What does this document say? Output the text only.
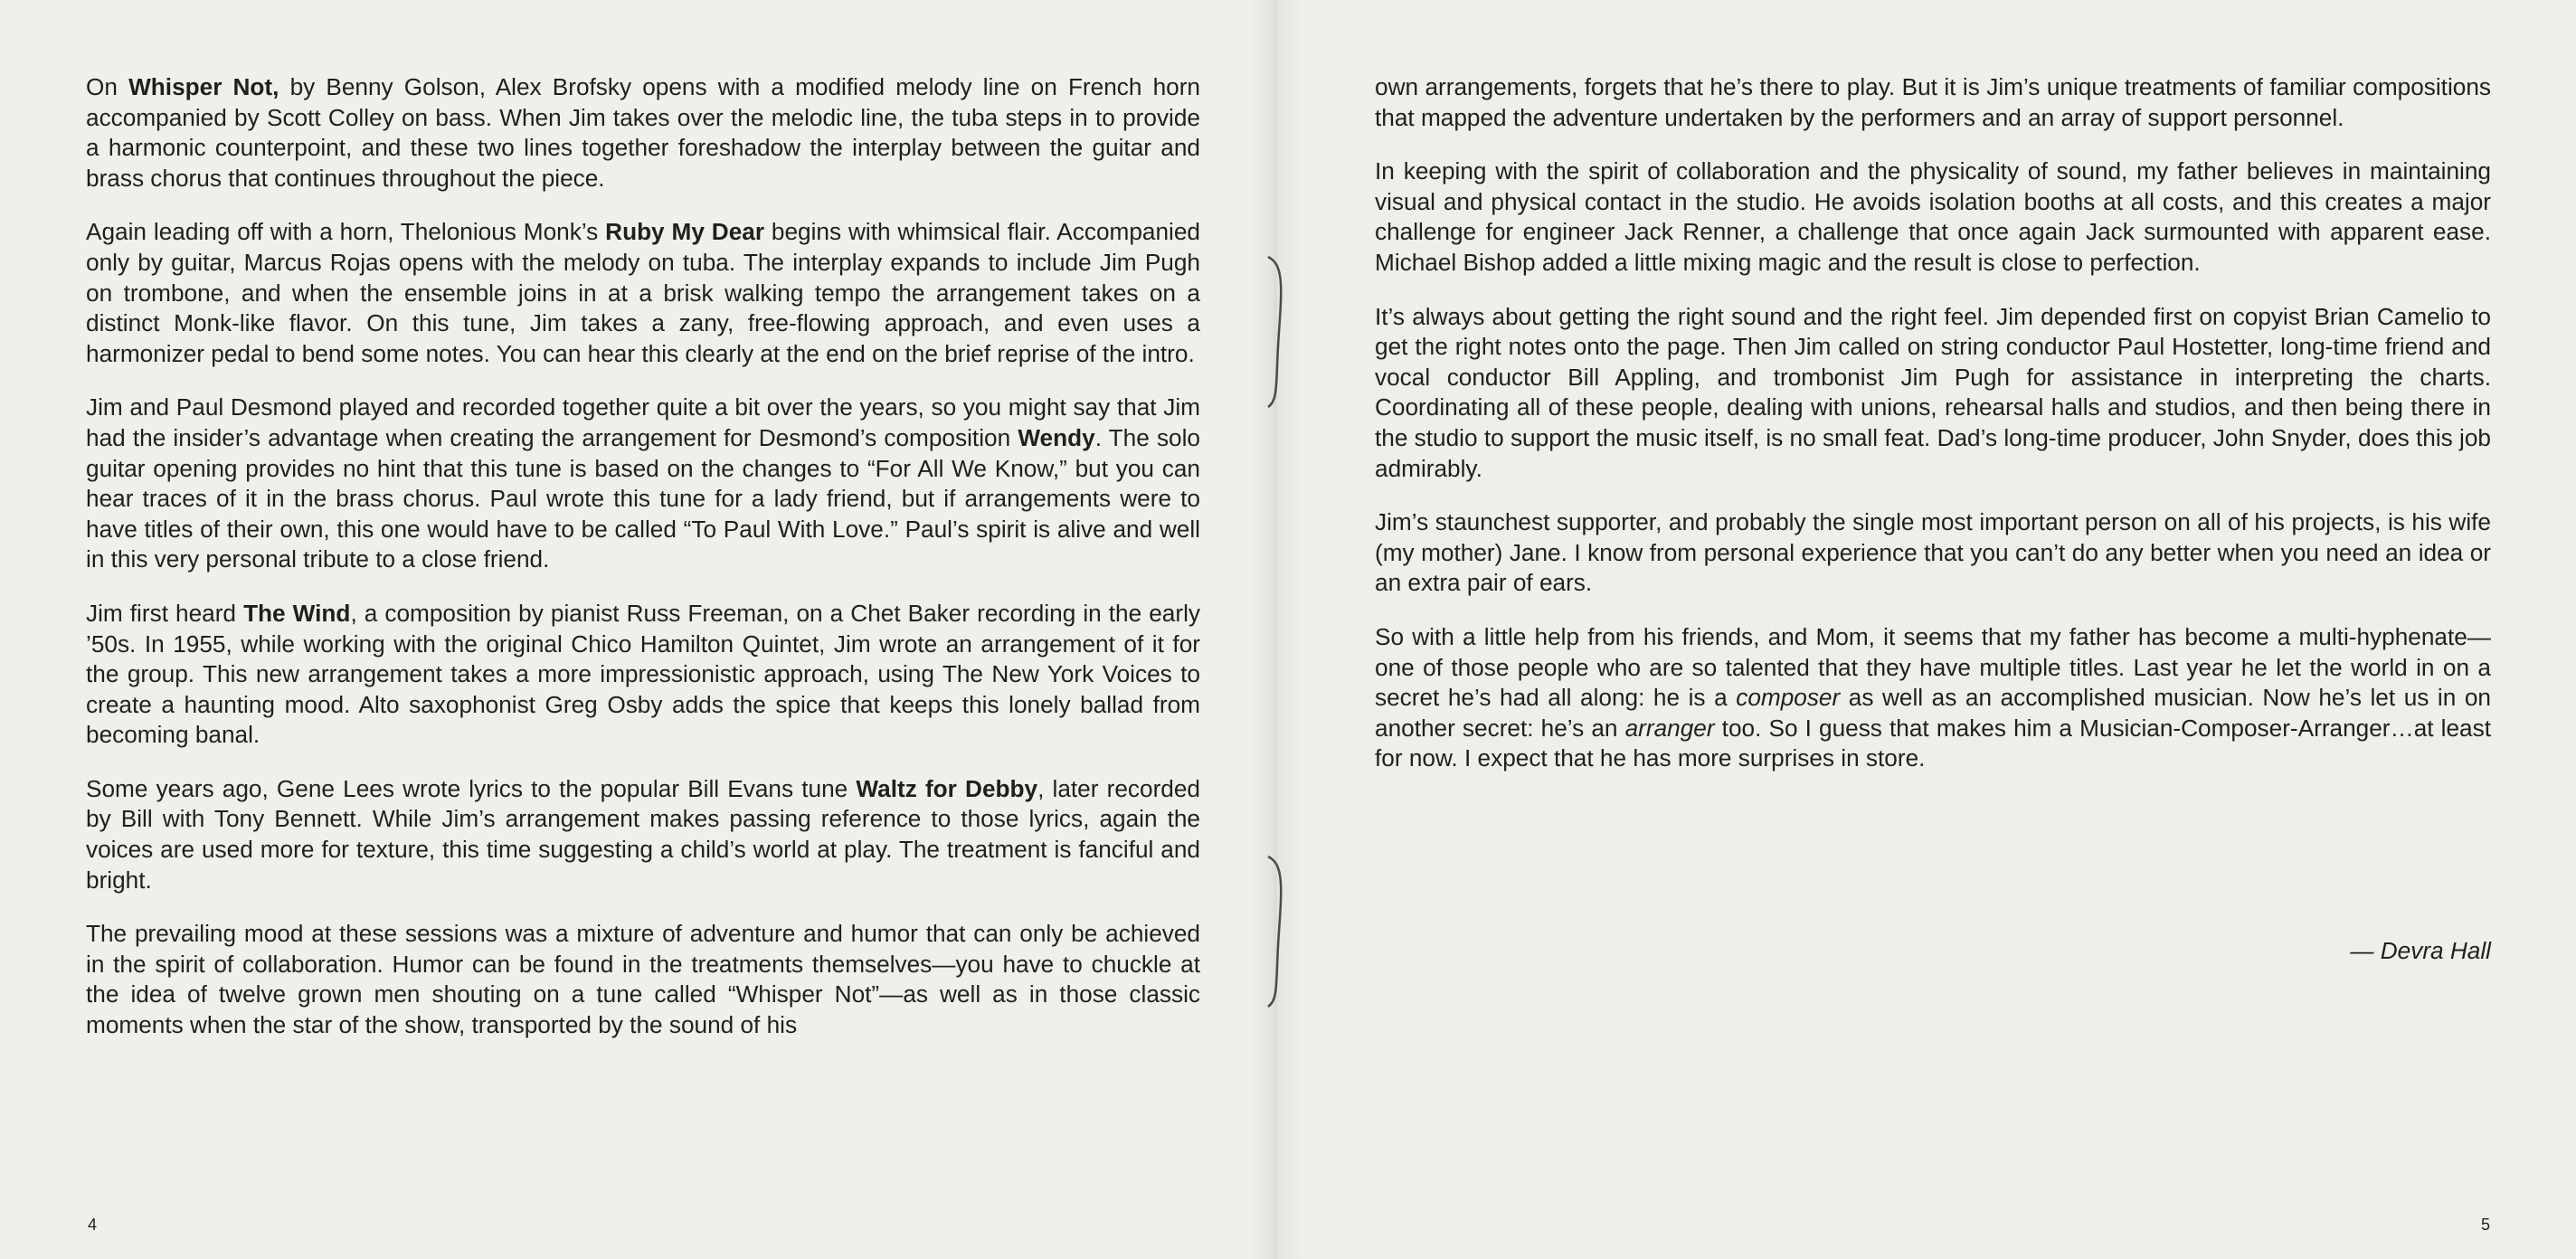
On Whisper Not, by Benny Golson, Alex Brofsky opens with a modified melody line on French horn accompanied by Scott Colley on bass. When Jim takes over the melodic line, the tuba steps in to provide a harmonic counterpoint, and these two lines together foreshadow the interplay between the guitar and brass chorus that continues throughout the piece.

Again leading off with a horn, Thelonious Monk’s Ruby My Dear begins with whimsical flair. Accompanied only by guitar, Marcus Rojas opens with the melody on tuba. The interplay expands to include Jim Pugh on trombone, and when the ensemble joins in at a brisk walking tempo the arrangement takes on a distinct Monk-like flavor. On this tune, Jim takes a zany, free-flowing approach, and even uses a harmonizer pedal to bend some notes. You can hear this clearly at the end on the brief reprise of the intro.

Jim and Paul Desmond played and recorded together quite a bit over the years, so you might say that Jim had the insider’s advantage when creating the arrangement for Desmond’s composition Wendy. The solo guitar opening provides no hint that this tune is based on the changes to “For All We Know,” but you can hear traces of it in the brass chorus. Paul wrote this tune for a lady friend, but if arrangements were to have titles of their own, this one would have to be called “To Paul With Love.” Paul’s spirit is alive and well in this very personal tribute to a close friend.

Jim first heard The Wind, a composition by pianist Russ Freeman, on a Chet Baker recording in the early ’50s. In 1955, while working with the original Chico Hamilton Quintet, Jim wrote an arrangement of it for the group. This new arrangement takes a more impressionistic approach, using The New York Voices to create a haunting mood. Alto saxophonist Greg Osby adds the spice that keeps this lonely ballad from becoming banal.

Some years ago, Gene Lees wrote lyrics to the popular Bill Evans tune Waltz for Debby, later recorded by Bill with Tony Bennett. While Jim’s arrangement makes passing reference to those lyrics, again the voices are used more for texture, this time suggesting a child’s world at play. The treatment is fanciful and bright.

The prevailing mood at these sessions was a mixture of adventure and humor that can only be achieved in the spirit of collaboration. Humor can be found in the treatments themselves—you have to chuckle at the idea of twelve grown men shouting on a tune called “Whisper Not”—as well as in those classic moments when the star of the show, transported by the sound of his

4

own arrangements, forgets that he’s there to play. But it is Jim’s unique treatments of familiar compositions that mapped the adventure undertaken by the performers and an array of support personnel.

In keeping with the spirit of collaboration and the physicality of sound, my father believes in maintaining visual and physical contact in the studio. He avoids isolation booths at all costs, and this creates a major challenge for engineer Jack Renner, a challenge that once again Jack surmounted with apparent ease. Michael Bishop added a little mixing magic and the result is close to perfection.

It’s always about getting the right sound and the right feel. Jim depended first on copyist Brian Camelio to get the right notes onto the page. Then Jim called on string conductor Paul Hostetter, long-time friend and vocal conductor Bill Appling, and trombonist Jim Pugh for assistance in interpreting the charts. Coordinating all of these people, dealing with unions, rehearsal halls and studios, and then being there in the studio to support the music itself, is no small feat. Dad’s long-time producer, John Snyder, does this job admirably.

Jim’s staunchest supporter, and probably the single most important person on all of his projects, is his wife (my mother) Jane. I know from personal experience that you can’t do any better when you need an idea or an extra pair of ears.

So with a little help from his friends, and Mom, it seems that my father has become a multi-hyphenate—one of those people who are so talented that they have multiple titles. Last year he let the world in on a secret he’s had all along: he is a composer as well as an accomplished musician. Now he’s let us in on another secret: he’s an arranger too. So I guess that makes him a Musician-Composer-Arranger…at least for now. I expect that he has more surprises in store.

— Devra Hall
5
